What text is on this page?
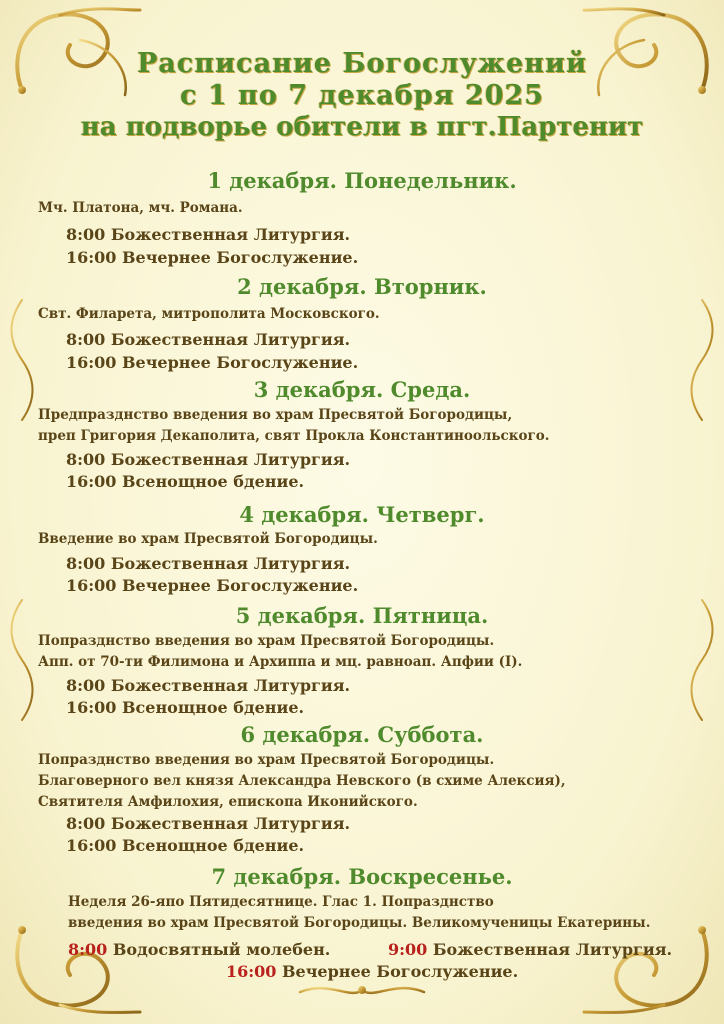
Расписание Богослужений
с 1 по 7 декабря 2025
на подворье обители в пгт.Партенит
1 декабря. Понедельник.
Мч. Платона, мч. Романа.
8:00 Божественная Литургия.
16:00 Вечернее Богослужение.
2 декабря. Вторник.
Свт. Филарета, митрополита Московского.
8:00 Божественная Литургия.
16:00 Вечернее Богослужение.
3 декабря. Среда.
Предпразднство введения во храм Пресвятой Богородицы,
преп Григория Декаполита, свят Прокла Константиноольского.
8:00 Божественная Литургия.
16:00 Всенощное бдение.
4 декабря. Четверг.
Введение во храм Пресвятой Богородицы.
8:00 Божественная Литургия.
16:00 Вечернее Богослужение.
5 декабря. Пятница.
Попразднство введения во храм Пресвятой Богородицы.
Апп. от 70-ти Филимона и Архиппа и мц. равноап. Апфии (I).
8:00 Божественная Литургия.
16:00 Всенощное бдение.
6 декабря. Суббота.
Попразднство введения во храм Пресвятой Богородицы.
Благоверного вел князя Александра Невского (в схиме Алексия),
Святителя Амфилохия, епископа Иконийского.
8:00 Божественная Литургия.
16:00 Всенощное бдение.
7 декабря. Воскресенье.
Неделя 26-япо Пятидесятнице. Глас 1. Попразднство
введения во храм Пресвятой Богородицы. Великомученицы Екатерины.
8:00 Водосвятный молебен.	9:00 Божественная Литургия.
16:00 Вечернее Богослужение.
